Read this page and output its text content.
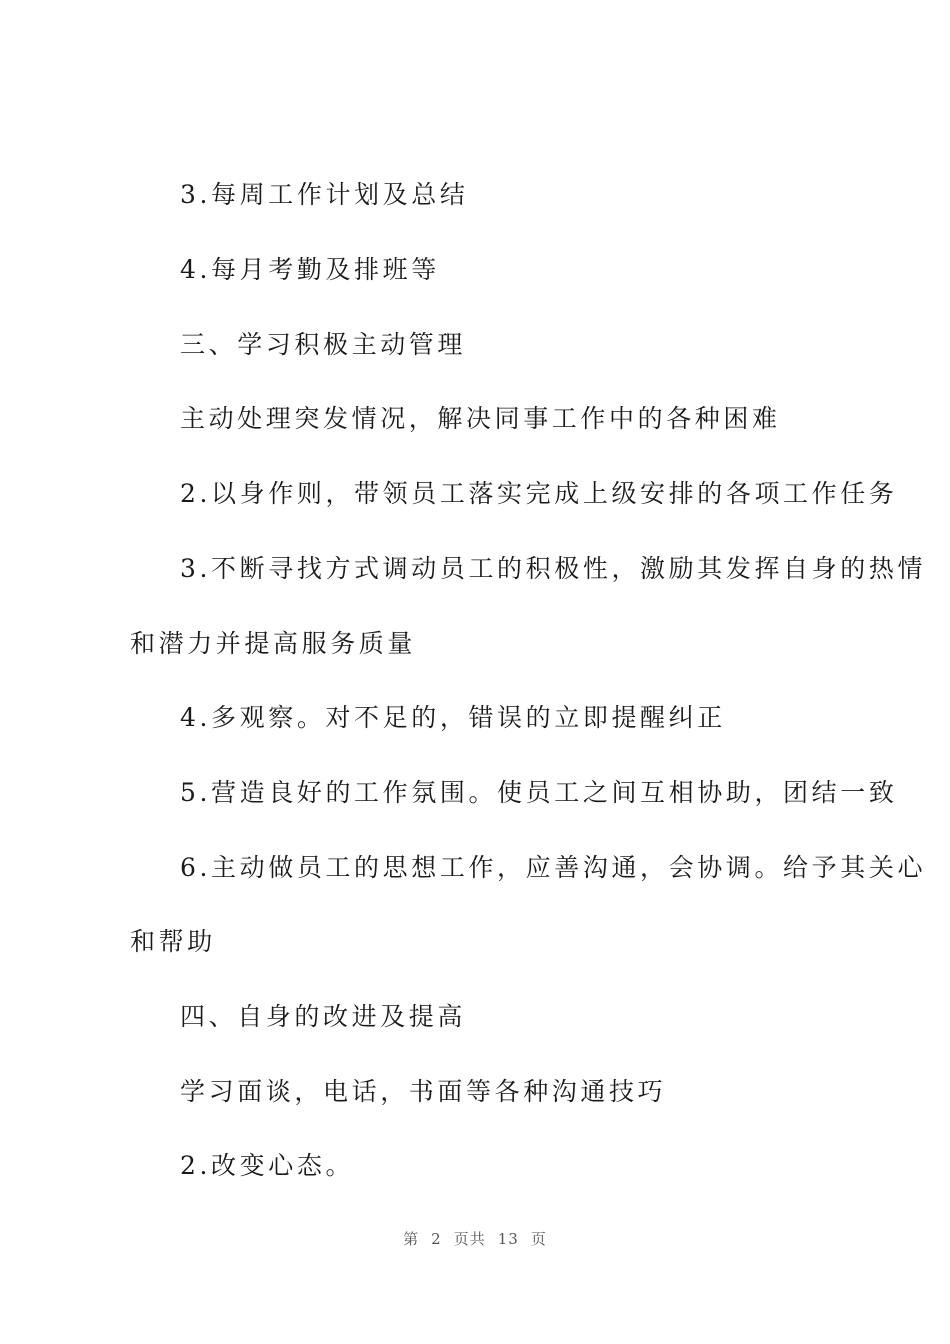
3.每周工作计划及总结
4.每月考勤及排班等
三、学习积极主动管理
主动处理突发情况，解决同事工作中的各种困难
2.以身作则，带领员工落实完成上级安排的各项工作任务
3.不断寻找方式调动员工的积极性，激励其发挥自身的热情
和潜力并提高服务质量
4.多观察。对不足的，错误的立即提醒纠正
5.营造良好的工作氛围。使员工之间互相协助，团结一致
6.主动做员工的思想工作，应善沟通，会协调。给予其关心
和帮助
四、自身的改进及提高
学习面谈，电话，书面等各种沟通技巧
2.改变心态。
第 2 页共 13 页
